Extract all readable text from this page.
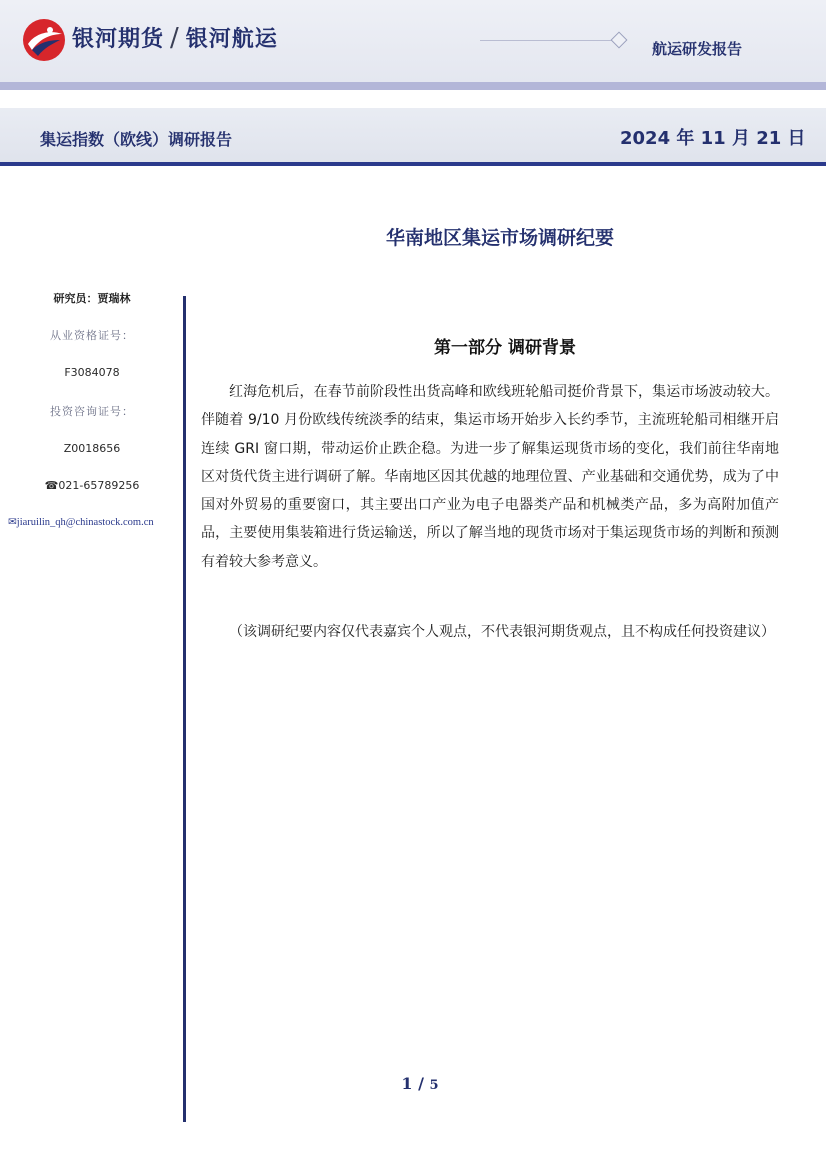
银河期货 / 银河航运	航运研发报告
集运指数（欧线）调研报告	2024 年 11 月 21 日
研究员：贾瑞林
从业资格证号：
F3084078
投资咨询证号：
Z0018656
☎021-65789256
✉jiaruilin_qh@chinastock.com.cn
华南地区集运市场调研纪要
第一部分 调研背景

红海危机后，在春节前阶段性出货高峰和欧线班轮船司挺价背景下，集运市场波动较大。伴随着 9/10 月份欧线传统淡季的结束，集运市场开始步入长约季节，主流班轮船司相继开启连续 GRI 窗口期，带动运价止跌企稳。为进一步了解集运现货市场的变化，我们前往华南地区对货代货主进行调研了解。华南地区因其优越的地理位置、产业基础和交通优势，成为了中国对外贸易的重要窗口，其主要出口产业为电子电器类产品和机械类产品，多为高附加值产品，主要使用集装箱进行货运输送，所以了解当地的现货市场对于集运现货市场的判断和预测有着较大参考意义。

（该调研纪要内容仅代表嘉宾个人观点，不代表银河期货观点，且不构成任何投资建议）

1 / 5
